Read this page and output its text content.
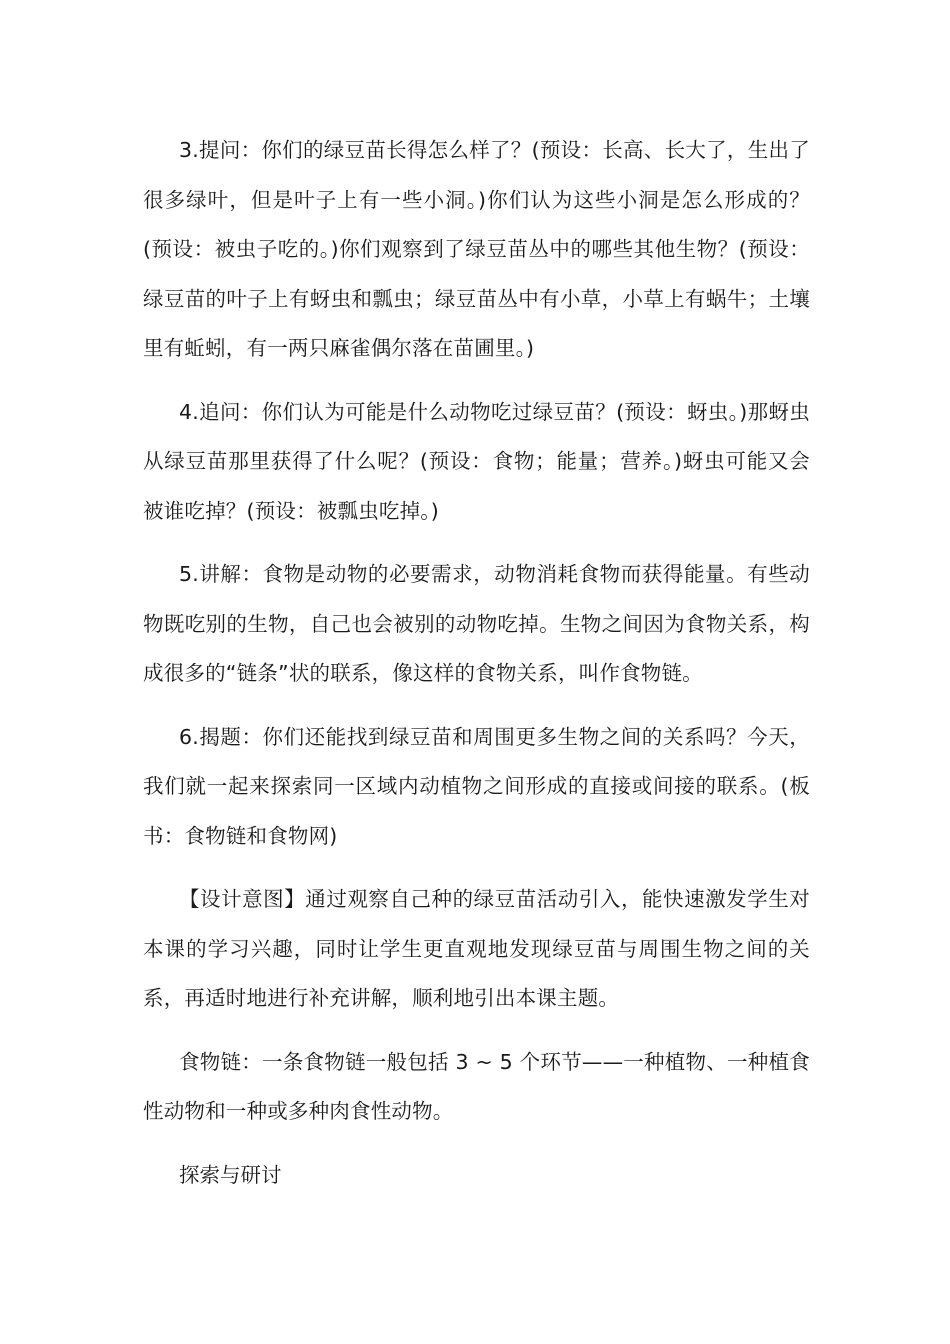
3.提问：你们的绿豆苗长得怎么样了？(预设：长高、长大了，生出了很多绿叶，但是叶子上有一些小洞。)你们认为这些小洞是怎么形成的？(预设：被虫子吃的。)你们观察到了绿豆苗丛中的哪些其他生物？(预设：绿豆苗的叶子上有蚜虫和瓢虫；绿豆苗丛中有小草，小草上有蜗牛；土壤里有蚯蚓，有一两只麻雀偶尔落在苗圃里。)

4.追问：你们认为可能是什么动物吃过绿豆苗？(预设：蚜虫。)那蚜虫从绿豆苗那里获得了什么呢？(预设：食物；能量；营养。)蚜虫可能又会被谁吃掉？(预设：被瓢虫吃掉。)

5.讲解：食物是动物的必要需求，动物消耗食物而获得能量。有些动物既吃别的生物，自己也会被别的动物吃掉。生物之间因为食物关系，构成很多的“链条”状的联系，像这样的食物关系，叫作食物链。

6.揭题：你们还能找到绿豆苗和周围更多生物之间的关系吗？今天，我们就一起来探索同一区域内动植物之间形成的直接或间接的联系。(板书：食物链和食物网)

【设计意图】通过观察自己种的绿豆苗活动引入，能快速激发学生对本课的学习兴趣，同时让学生更直观地发现绿豆苗与周围生物之间的关系，再适时地进行补充讲解，顺利地引出本课主题。

食物链：一条食物链一般包括 3 ~ 5 个环节——一种植物、一种植食性动物和一种或多种肉食性动物。

探索与研讨
